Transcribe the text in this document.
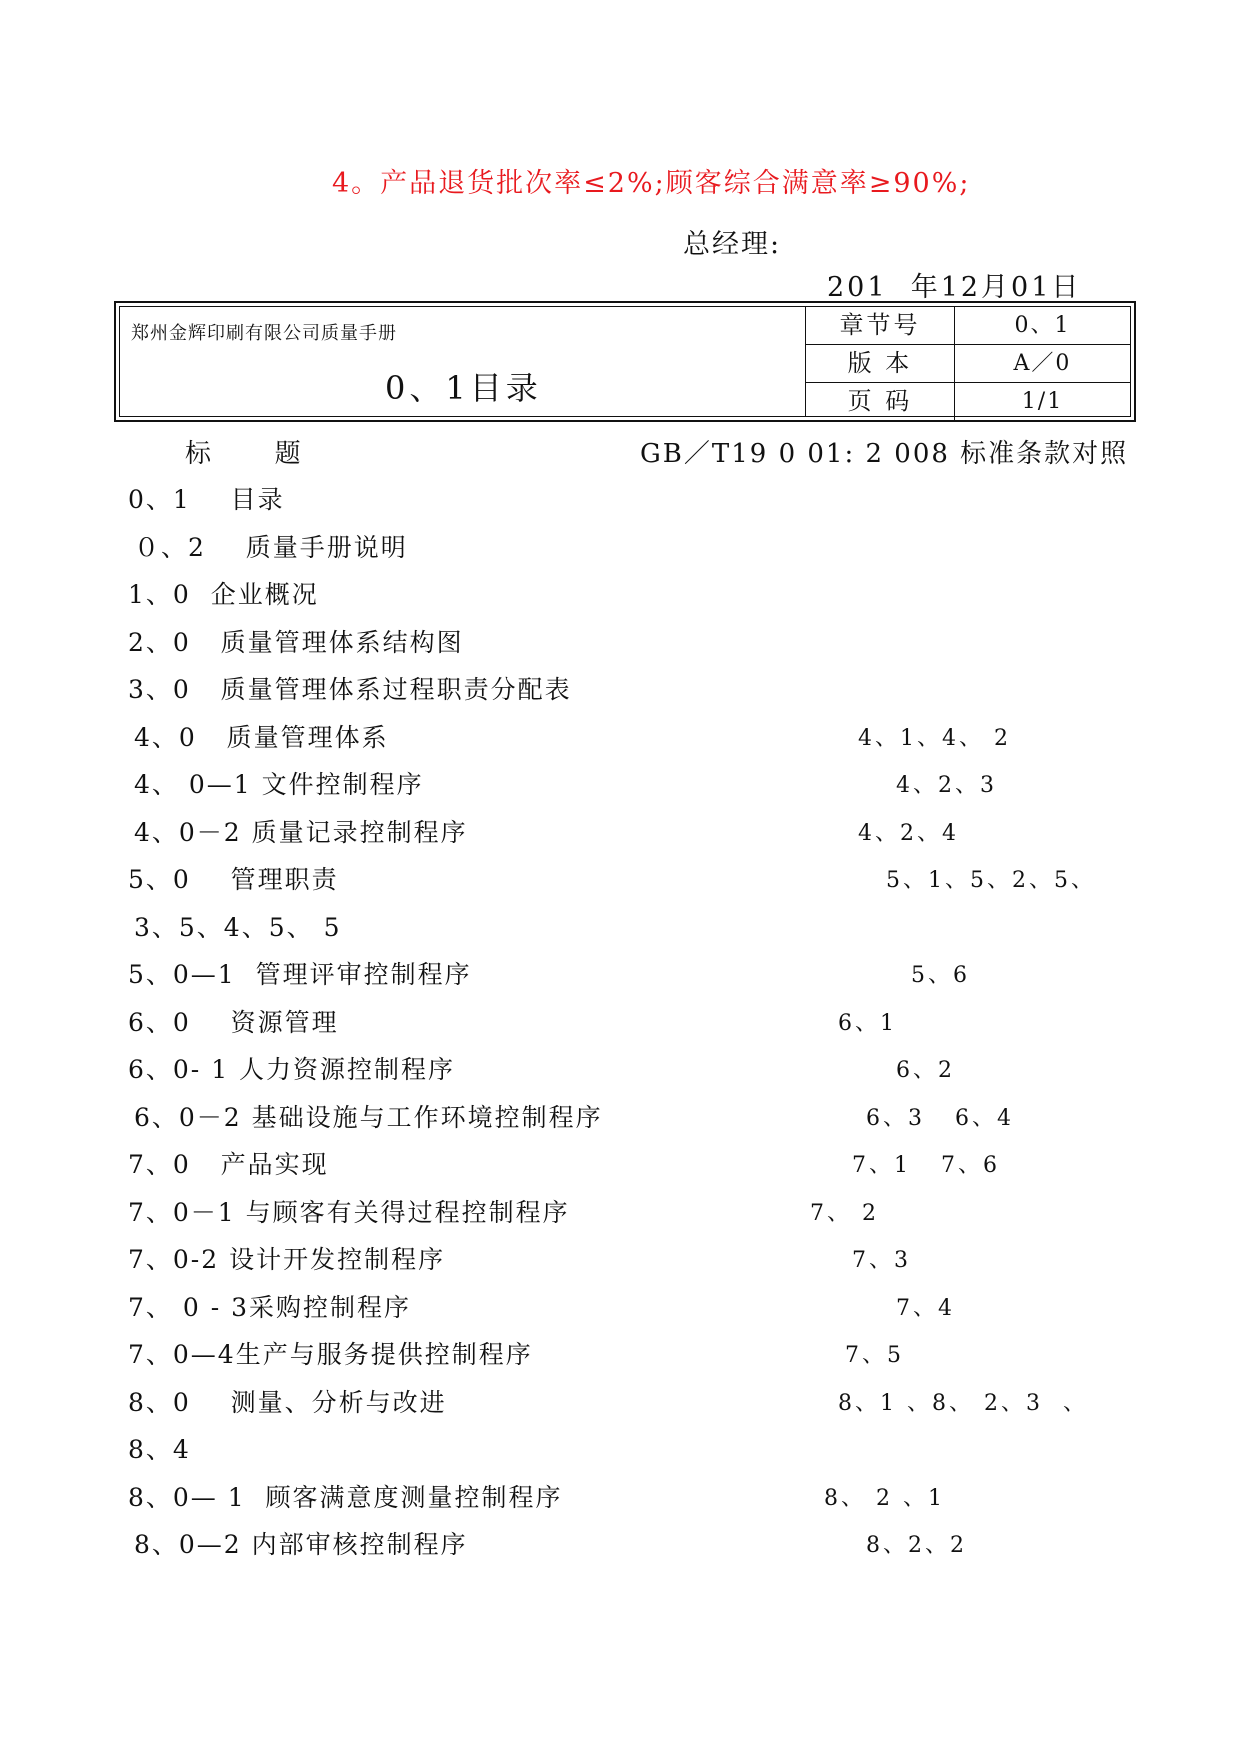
4。产品退货批次率≤2%;顾客综合满意率≥90%;
总经理:
201  年12月01日
郑州金辉印刷有限公司质量手册
0、1目录
章节号	0、1
版 本	A／0
页 码	1/1
标      题	GB／T19 0 01: 2 008 标准条款对照
0、1    目录
０、2    质量手册说明
1、0  企业概况
2、0   质量管理体系结构图
3、0   质量管理体系过程职责分配表
4、0   质量管理体系	4、1、4、 2
4、 0—1 文件控制程序	4、2、3
4、0－2 质量记录控制程序	4、2、4
5、0    管理职责	5、1、5、2、5、
3、5、4、5、 5
5、0—1  管理评审控制程序	5、6
6、0    资源管理	6、1
6、0- 1 人力资源控制程序	6、2
6、0－2 基础设施与工作环境控制程序	6、3   6、4
7、0   产品实现	7、1   7、6
7、0－1 与顾客有关得过程控制程序	7、 2
7、0-2 设计开发控制程序	7、3
7、 0 - 3采购控制程序	7、4
7、0—4生产与服务提供控制程序	7、5
8、0    测量、分析与改进	8、1 、8、 2、3  、
8、4
8、0— 1  顾客满意度测量控制程序	8、 2 、1
8、0—2 内部审核控制程序	8、2、2
